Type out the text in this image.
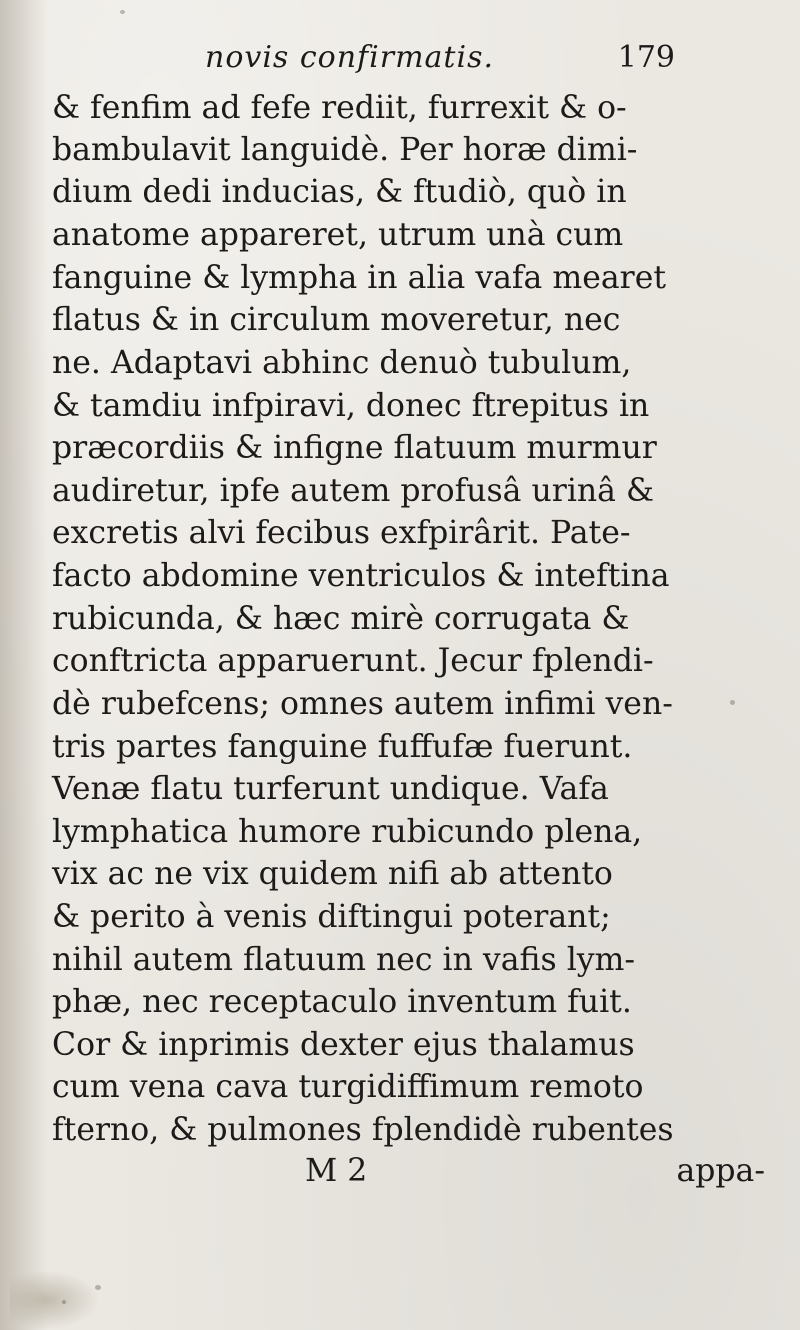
novis confirmatis.	179
& fenfim ad fefe rediit, furrexit & o-
bambulavit languidè. Per horæ dimi-
dium dedi inducias, & ftudiò, quò in
anatome appareret, utrum unà cum
fanguine & lympha in alia vafa mearet
flatus & in circulum moveretur, nec
ne. Adaptavi abhinc denuò tubulum,
& tamdiu infpiravi, donec ftrepitus in
præcordiis & infigne flatuum murmur
audiretur, ipfe autem profusâ urinâ &
excretis alvi fecibus exfpirârit. Pate-
facto abdomine ventriculos & inteftina
rubicunda, & hæc mirè corrugata &
conftricta apparuerunt. Jecur fplendi-
dè rubefcens; omnes autem infimi ven-
tris partes fanguine fuffufæ fuerunt.
Venæ flatu turferunt undique. Vafa
lymphatica humore rubicundo plena,
vix ac ne vix quidem nifi ab attento
& perito à venis diftingui poterant;
nihil autem flatuum nec in vafis lym-
phæ, nec receptaculo inventum fuit.
Cor & inprimis dexter ejus thalamus
cum vena cava turgidiffimum remoto
fterno, & pulmones fplendidè rubentes
M 2	appa-
